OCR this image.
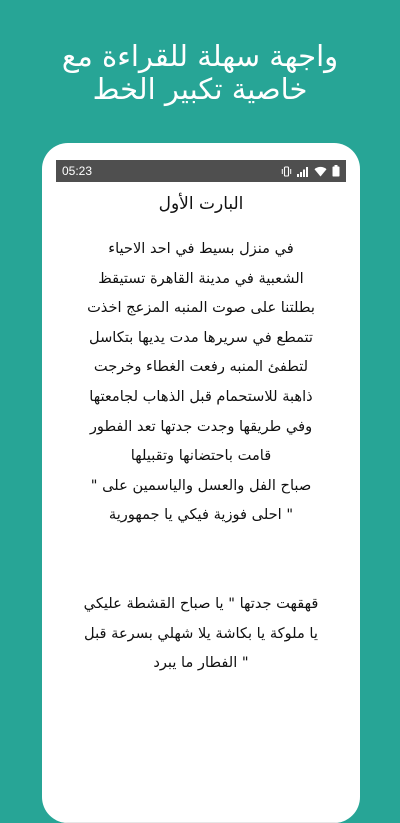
واجهة سهلة للقراءة مع
خاصية تكبير الخط
05:23
البارت الأول
في منزل بسيط في احد الاحياء
الشعبية في مدينة القاهرة تستيقظ
بطلتنا على صوت المنبه المزعج اخذت
تتمطع في سريرها مدت يديها بتكاسل
لتطفئ المنبه رفعت الغطاء وخرجت
ذاهبة للاستحمام قبل الذهاب لجامعتها
وفي طريقها وجدت جدتها تعد الفطور
قامت باحتضانها وتقبيلها
صباح الفل والعسل والياسمين على "
" احلى فوزية فيكي يا جمهورية
قهقهت جدتها " يا صباح القشطة عليكي
يا ملوكة يا بكاشة يلا شهلي بسرعة قبل
" الفطار ما يبرد
